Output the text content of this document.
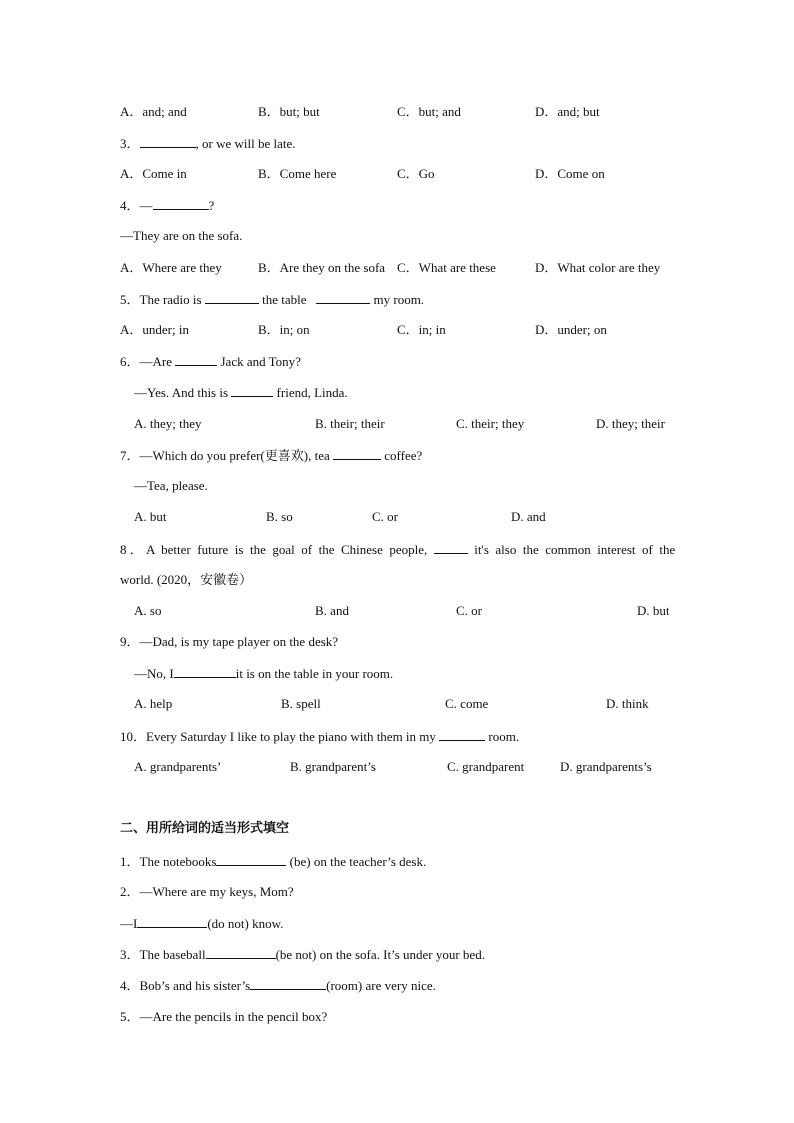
A．and; and	B．but; but	C．but; and	D．and; but
3．	, or we will be late.
A．Come in	B．Come here	C．Go	D．Come on
4．—	?
—They are on the sofa.
A．Where are they	B．Are they on the sofa C．What are these	D．What color are they
5．The radio is	the table	my room.
A．under; in	B．in; on	C．in; in	D．under; on
6．—Are	Jack and Tony?
—Yes. And this is	friend, Linda.
A. they; they	B. their; their	C. their; they	D. they; their
7．—Which do you prefer(更喜欢), tea	coffee?
—Tea, please.
A. but	B. so	C. or	D. and
8．A better future is the goal of the Chinese people,	it's also the common interest of the
world. (2020，安徽卷）
A. so	B. and	C. or	D. but
9．—Dad, is my tape player on the desk?
—No, I	it is on the table in your room.
A. help	B. spell	C. come	D. think
10．Every Saturday I like to play the piano with them in my	room.
A. grandparents’	B. grandparent’s	C. grandparent	D. grandparents’s
二、用所给词的适当形式填空
1．The notebooks	(be) on the teacher’s desk.
2．—Where are my keys, Mom?
—I	(do not) know.
3．The baseball	(be not) on the sofa. It’s under your bed.
4．Bob’s and his sister’s	(room) are very nice.
5．—Are the pencils in the pencil box?
